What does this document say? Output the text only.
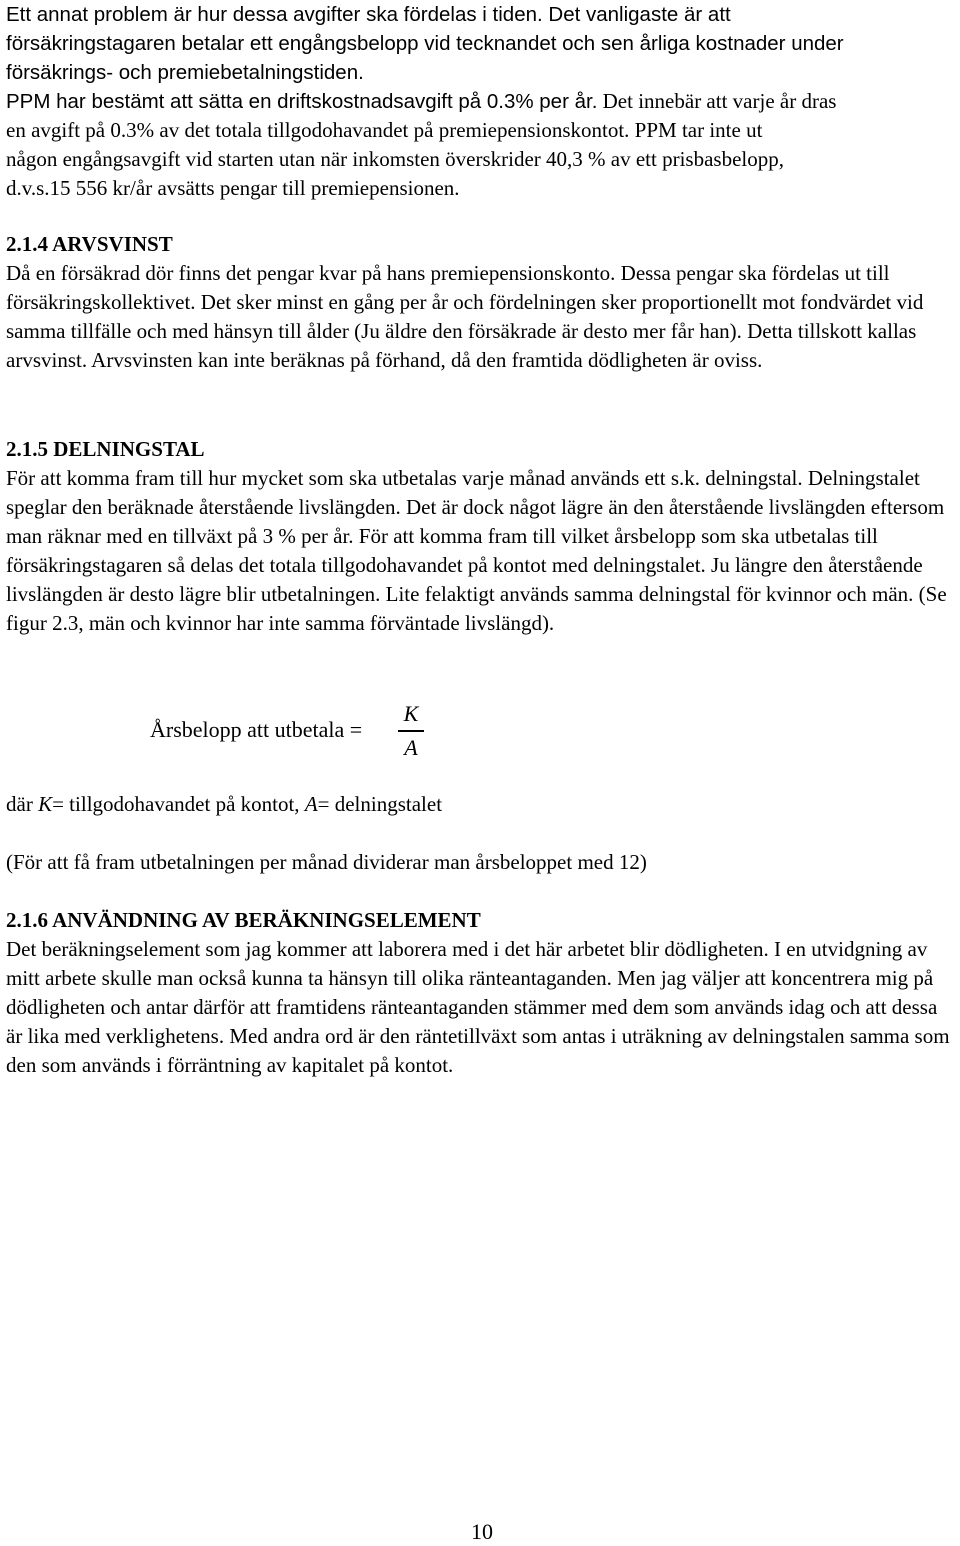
Ett annat problem är hur dessa avgifter ska fördelas i tiden. Det vanligaste är att
försäkringstagaren betalar ett engångsbelopp vid tecknandet och sen årliga kostnader under
försäkrings- och premiebetalningstiden.
PPM har bestämt att sätta en driftskostnadsavgift på 0.3% per år. Det innebär att varje år dras
en avgift på 0.3% av det totala tillgodohavandet på premiepensionskontot. PPM tar inte ut
någon engångsavgift vid starten utan när inkomsten överskrider 40,3 % av ett prisbasbelopp,
d.v.s.15 556 kr/år avsätts pengar till premiepensionen.

2.1.4 ARVSVINST

Då en försäkrad dör finns det pengar kvar på hans premiepensionskonto. Dessa pengar ska fördelas ut till försäkringskollektivet. Det sker minst en gång per år och fördelningen sker proportionellt mot fondvärdet vid samma tillfälle och med hänsyn till ålder (Ju äldre den försäkrade är desto mer får han). Detta tillskott kallas arvsvinst. Arvsvinsten kan inte beräknas på förhand, då den framtida dödligheten är oviss.

2.1.5 DELNINGSTAL

För att komma fram till hur mycket som ska utbetalas varje månad används ett s.k. delningstal. Delningstalet speglar den beräknade återstående livslängden. Det är dock något lägre än den återstående livslängden eftersom man räknar med en tillväxt på 3 % per år. För att komma fram till vilket årsbelopp som ska utbetalas till försäkringstagaren så delas det totala tillgodohavandet på kontot med delningstalet. Ju längre den återstående livslängden är desto lägre blir utbetalningen. Lite felaktigt används samma delningstal för kvinnor och män. (Se figur 2.3, män och kvinnor har inte samma förväntade livslängd).

Årsbelopp att utbetala =
K
A
där K= tillgodohavandet på kontot, A= delningstalet
(För att få fram utbetalningen per månad dividerar man årsbeloppet med 12)

2.1.6 ANVÄNDNING AV BERÄKNINGSELEMENT

Det beräkningselement som jag kommer att laborera med i det här arbetet blir dödligheten. I en utvidgning av mitt arbete skulle man också kunna ta hänsyn till olika ränteantaganden. Men jag väljer att koncentrera mig på dödligheten och antar därför att framtidens ränteantaganden stämmer med dem som används idag och att dessa är lika med verklighetens. Med andra ord är den räntetillväxt som antas i uträkning av delningstalen samma som den som används i förräntning av kapitalet på kontot.

10
